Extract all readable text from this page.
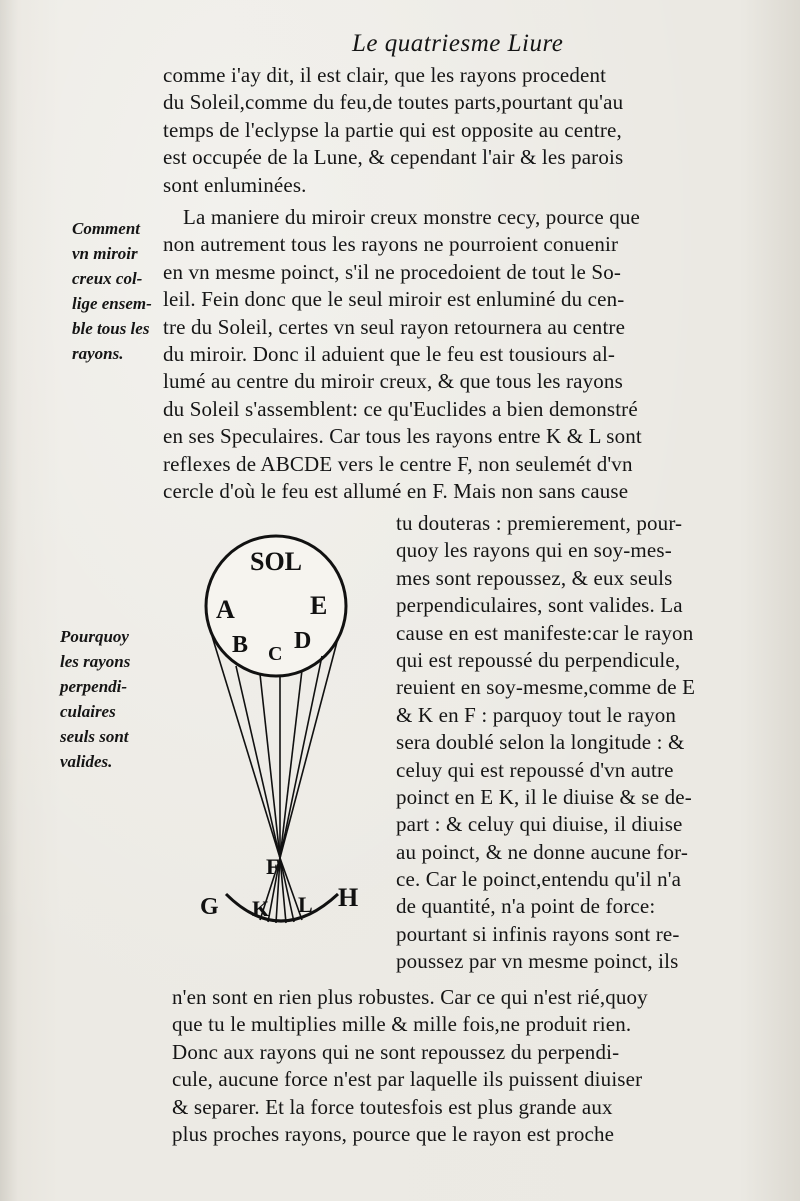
Le quatriesme Liure
comme i'ay dit, il est clair, que les rayons procedent
du Soleil,comme du feu,de toutes parts,pourtant qu'au
temps de l'eclypse la partie qui est opposite au centre,
est occupée de la Lune, & cependant l'air & les parois
sont enluminées.
La maniere du miroir creux monstre cecy, pource que
non autrement tous les rayons ne pourroient conuenir
en vn mesme poinct, s'il ne procedoient de tout le So-
leil. Fein donc que le seul miroir est enluminé du cen-
tre du Soleil, certes vn seul rayon retournera au centre
du miroir. Donc il aduient que le feu est tousiours al-
lumé au centre du miroir creux, & que tous les rayons
du Soleil s'assemblent: ce qu'Euclides a bien demonstré
en ses Speculaires. Car tous les rayons entre K & L sont
reflexes de ABCDE vers le centre F, non seulemét d'vn
cercle d'où le feu est allumé en F. Mais non sans cause
Comment
vn miroir
creux col-
lige ensem-
ble tous les
rayons.
SOL
A
B C D
E
F
G K L H
Pourquoy
les rayons
perpendi-
culaires
seuls sont
valides.
tu douteras : premierement, pour-
quoy les rayons qui en soy-mes-
mes sont repoussez, & eux seuls
perpendiculaires, sont valides. La
cause en est manifeste:car le rayon
qui est repoussé du perpendicule,
reuient en soy-mesme,comme de E
& K en F : parquoy tout le rayon
sera doublé selon la longitude : &
celuy qui est repoussé d'vn autre
poinct en E K, il le diuise & se de-
part : & celuy qui diuise, il diuise
au poinct, & ne donne aucune for-
ce. Car le poinct,entendu qu'il n'a
de quantité, n'a point de force:
pourtant si infinis rayons sont re-
poussez par vn mesme poinct, ils
n'en sont en rien plus robustes. Car ce qui n'est rié,quoy
que tu le multiplies mille & mille fois,ne produit rien.
Donc aux rayons qui ne sont repoussez du perpendi-
cule, aucune force n'est par laquelle ils puissent diuiser
& separer. Et la force toutesfois est plus grande aux
plus proches rayons, pource que le rayon est proche
